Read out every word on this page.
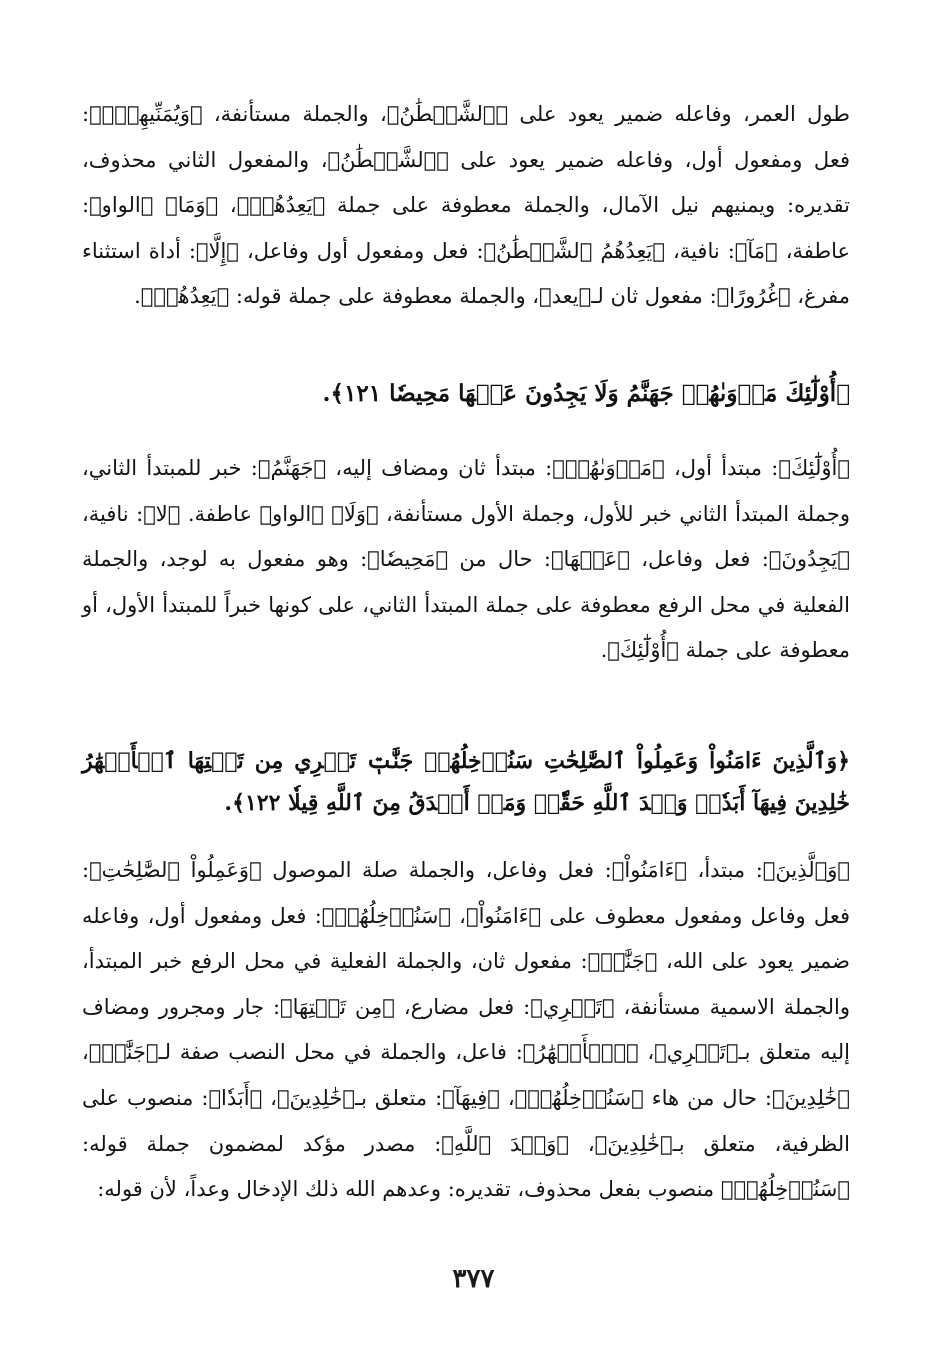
طول العمر، وفاعله ضمير يعود على ﴿ٱلشَّيۡطَٰنُ﴾، والجملة مستأنفة، ﴿وَيُمَنِّيهِمۡۖ﴾: فعل ومفعول أول، وفاعله ضمير يعود على ﴿ٱلشَّيۡطَٰنُ﴾، والمفعول الثاني محذوف، تقديره: ويمنيهم نيل الآمال، والجملة معطوفة على جملة ﴿يَعِدُهُمۡ﴾، ﴿وَمَا﴾ ﴿الواو﴾: عاطفة، ﴿مَآ﴾: نافية، ﴿يَعِدُهُمُ ٱلشَّيۡطَٰنُ﴾: فعل ومفعول أول وفاعل، ﴿إِلَّا﴾: أداة استثناء مفرغ، ﴿غُرُورًا﴾: مفعول ثان لـ﴿يعد﴾، والجملة معطوفة على جملة قوله: ﴿يَعِدُهُمۡ﴾.

﴿أُوْلَٰٓئِكَ مَأۡوَىٰهُمۡ جَهَنَّمُ وَلَا يَجِدُونَ عَنۡهَا مَحِيصٗا ١٢١﴾.

﴿أُوْلَٰٓئِكَ﴾: مبتدأ أول، ﴿مَأۡوَىٰهُمۡ﴾: مبتدأ ثان ومضاف إليه، ﴿جَهَنَّمُ﴾: خبر للمبتدأ الثاني، وجملة المبتدأ الثاني خبر للأول، وجملة الأول مستأنفة، ﴿وَلَا﴾ ﴿الواو﴾ عاطفة. ﴿لا﴾: نافية، ﴿يَجِدُونَ﴾: فعل وفاعل، ﴿عَنۡهَا﴾: حال من ﴿مَحِيصٗا﴾: وهو مفعول به لوجد، والجملة الفعلية في محل الرفع معطوفة على جملة المبتدأ الثاني، على كونها خبراً للمبتدأ الأول، أو معطوفة على جملة ﴿أُوْلَٰٓئِكَ﴾.

﴿وَٱلَّذِينَ ءَامَنُواْ وَعَمِلُواْ ٱلصَّٰلِحَٰتِ سَنُدۡخِلُهُمۡ جَنَّٰتٖ تَجۡرِي مِن تَحۡتِهَا ٱلۡأَنۡهَٰرُ خَٰلِدِينَ فِيهَآ أَبَدٗاۖ وَعۡدَ ٱللَّهِ حَقّٗاۚ وَمَنۡ أَصۡدَقُ مِنَ ٱللَّهِ قِيلٗا ١٢٢﴾.

﴿وَٱلَّذِينَ﴾: مبتدأ، ﴿ءَامَنُواْ﴾: فعل وفاعل، والجملة صلة الموصول ﴿وَعَمِلُواْ ٱلصَّٰلِحَٰتِ﴾: فعل وفاعل ومفعول معطوف على ﴿ءَامَنُواْ﴾، ﴿سَنُدۡخِلُهُمۡ﴾: فعل ومفعول أول، وفاعله ضمير يعود على الله، ﴿جَنَّٰتٖ﴾: مفعول ثان، والجملة الفعلية في محل الرفع خبر المبتدأ، والجملة الاسمية مستأنفة، ﴿تَجۡرِي﴾: فعل مضارع، ﴿مِن تَحۡتِهَا﴾: جار ومجرور ومضاف إليه متعلق بـ﴿تَجۡرِي﴾، ﴿ٱلۡأَنۡهَٰرُ﴾: فاعل، والجملة في محل النصب صفة لـ﴿جَنَّٰتٖ﴾، ﴿خَٰلِدِينَ﴾: حال من هاء ﴿سَنُدۡخِلُهُمۡ﴾، ﴿فِيهَآ﴾: متعلق بـ﴿خَٰلِدِينَ﴾، ﴿أَبَدٗا﴾: منصوب على الظرفية، متعلق بـ﴿خَٰلِدِينَ﴾، ﴿وَعۡدَ ٱللَّهِ﴾: مصدر مؤكد لمضمون جملة قوله: ﴿سَنُدۡخِلُهُمۡ﴾ منصوب بفعل محذوف، تقديره: وعدهم الله ذلك الإدخال وعداً، لأن قوله:

٣٧٧
